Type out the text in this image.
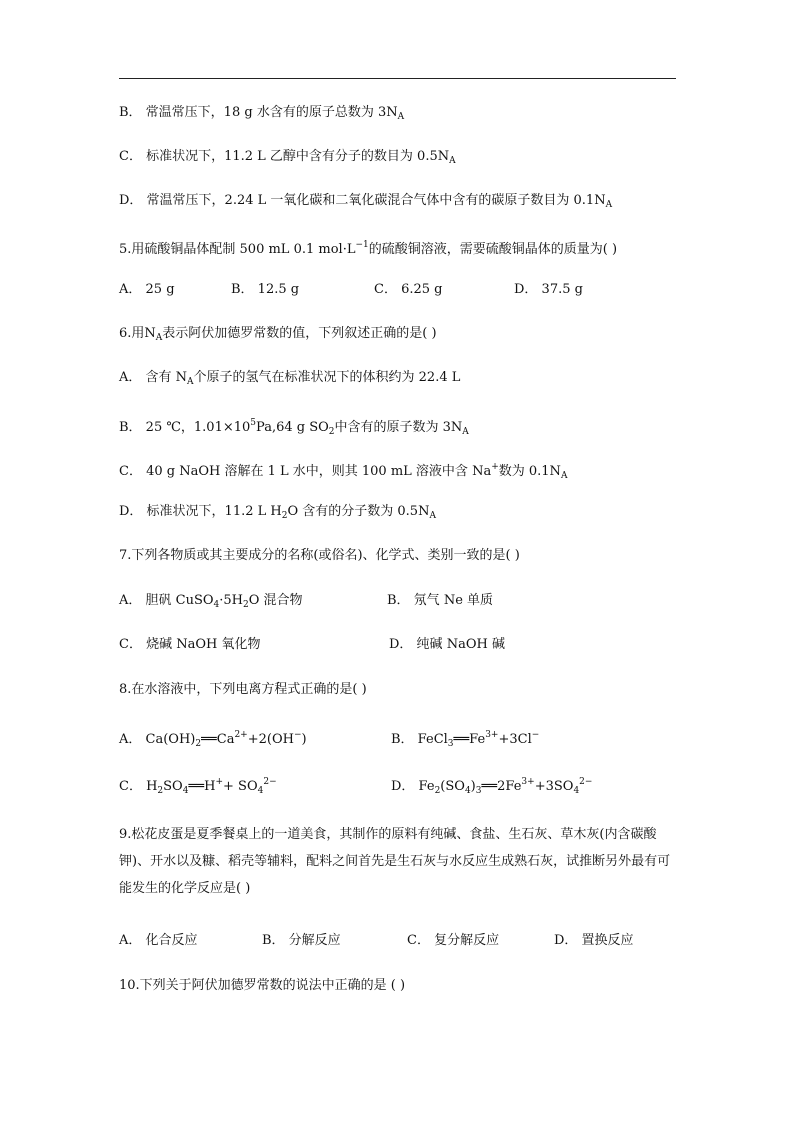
B． 常温常压下，18 g 水含有的原子总数为 $3N_A$
C． 标准状况下，11.2 L 乙醇中含有分子的数目为 $0.5N_A$
D． 常温常压下，2.24 L 一氧化碳和二氧化碳混合气体中含有的碳原子数目为 $0.1N_A$
5.用硫酸铜晶体配制 500 mL 0.1 $mol\cdot L^{-1}$的硫酸铜溶液，需要硫酸铜晶体的质量为( )
A． 25 g	B． 12.5 g	C． 6.25 g	D． 37.5 g
6.用$N_A$表示阿伏加德罗常数的值，下列叙述正确的是( )
A． 含有 $N_A$个原子的氢气在标准状况下的体积约为 22.4 L
B． 25 ℃，$1.01\times 10^5Pa,64$ g $SO_2$中含有的原子数为 $3N_A$
C． 40 g NaOH 溶解在 1 L 水中，则其 100 mL 溶液中含 Na+数为 $0.1N_A$
D． 标准状况下，11.2 L $H_2O$ 含有的分子数为 $0.5N_A$
7.下列各物质或其主要成分的名称(或俗名)、化学式、类别一致的是( )
A． 胆矾 $CuSO_4\cdot 5H_2O$ 混合物	B． 氖气 Ne 单质
C． 烧碱 NaOH 氧化物	D． 纯碱 NaOH 碱
8.在水溶液中，下列电离方程式正确的是( )
A． $Ca(OH)_2══Ca^{2+}+2(OH^-)$	B． $FeCl_3══Fe^{3+}+3Cl^-$
C． $H_2SO_4══H^++ SO_4^{2-}$	D． $Fe_2(SO_4)_3══2Fe^{3+}+3SO_4^{2-}$
9.松花皮蛋是夏季餐桌上的一道美食，其制作的原料有纯碱、食盐、生石灰、草木灰(内含碳酸钾)、开水以及糠、稻壳等辅料，配料之间首先是生石灰与水反应生成熟石灰，试推断另外最有可能发生的化学反应是( )
A． 化合反应	B． 分解反应	C． 复分解反应	D． 置换反应
10.下列关于阿伏加德罗常数的说法中正确的是 ( )
